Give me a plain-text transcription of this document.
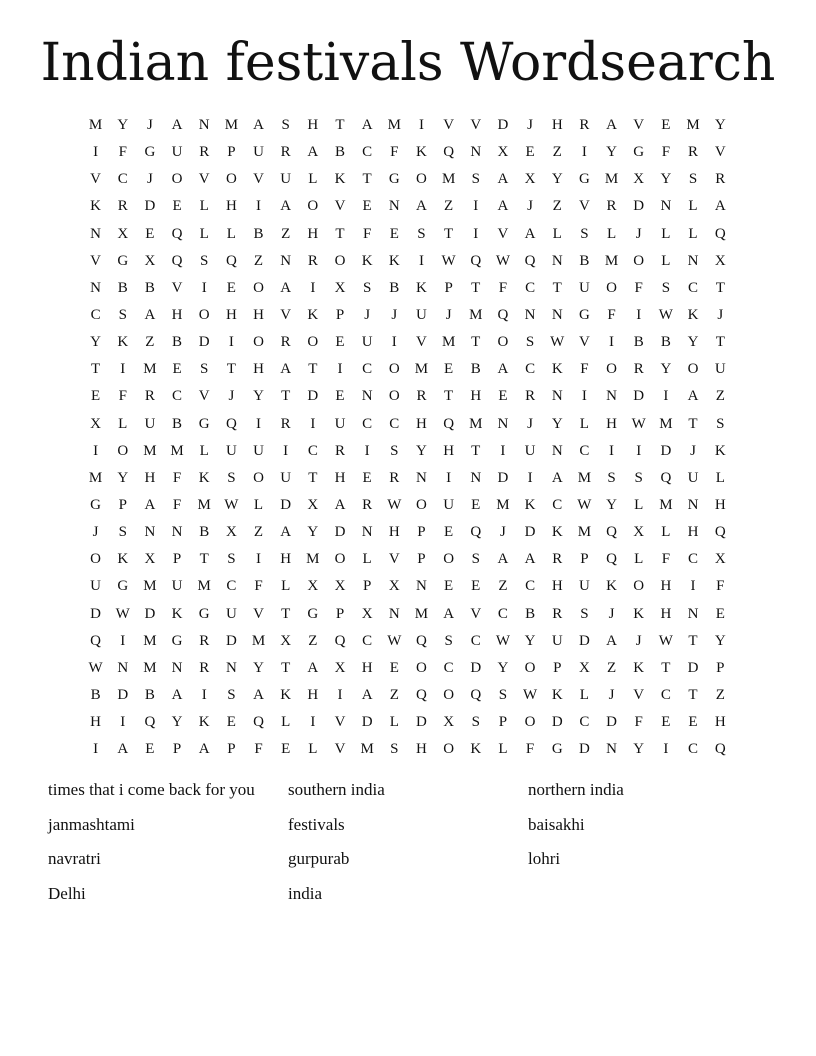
Indian festivals Wordsearch
M	Y	J	A	N	M	A	S	H	T	A	M	I	V	V	D	J	H	R	A	V	E	M	Y
I	F	G	U	R	P	U	R	A	B	C	F	K	Q	N	X	E	Z	I	Y	G	F	R	V
V	C	J	O	V	O	V	U	L	K	T	G	O	M	S	A	X	Y	G	M	X	Y	S	R
K	R	D	E	L	H	I	A	O	V	E	N	A	Z	I	A	J	Z	V	R	D	N	L	A
N	X	E	Q	L	L	B	Z	H	T	F	E	S	T	I	V	A	L	S	L	J	L	L	Q
V	G	X	Q	S	Q	Z	N	R	O	K	K	I	W	Q	W	Q	N	B	M	O	L	N	X
N	B	B	V	I	E	O	A	I	X	S	B	K	P	T	F	C	T	U	O	F	S	C	T
C	S	A	H	O	H	H	V	K	P	J	J	U	J	M	Q	N	N	G	F	I	W	K	J
Y	K	Z	B	D	I	O	R	O	E	U	I	V	M	T	O	S	W	V	I	B	B	Y	T
T	I	M	E	S	T	H	A	T	I	C	O	M	E	B	A	C	K	F	O	R	Y	O	U
E	F	R	C	V	J	Y	T	D	E	N	O	R	T	H	E	R	N	I	N	D	I	A	Z
X	L	U	B	G	Q	I	R	I	U	C	C	H	Q	M	N	J	Y	L	H	W	M	T	S
I	O	M	M	L	U	U	I	C	R	I	S	Y	H	T	I	U	N	C	I	I	D	J	K
M	Y	H	F	K	S	O	U	T	H	E	R	N	I	N	D	I	A	M	S	S	Q	U	L
G	P	A	F	M	W	L	D	X	A	R	W	O	U	E	M	K	C	W	Y	L	M	N	H
J	S	N	N	B	X	Z	A	Y	D	N	H	P	E	Q	J	D	K	M	Q	X	L	H	Q
O	K	X	P	T	S	I	H	M	O	L	V	P	O	S	A	A	R	P	Q	L	F	C	X
U	G	M	U	M	C	F	L	X	X	P	X	N	E	E	Z	C	H	U	K	O	H	I	F
D	W	D	K	G	U	V	T	G	P	X	N	M	A	V	C	B	R	S	J	K	H	N	E
Q	I	M	G	R	D	M	X	Z	Q	C	W	Q	S	C	W	Y	U	D	A	J	W	T	Y
W	N	M	N	R	N	Y	T	A	X	H	E	O	C	D	Y	O	P	X	Z	K	T	D	P
B	D	B	A	I	S	A	K	H	I	A	Z	Q	O	Q	S	W	K	L	J	V	C	T	Z
H	I	Q	Y	K	E	Q	L	I	V	D	L	D	X	S	P	O	D	C	D	F	E	E	H
I	A	E	P	A	P	F	E	L	V	M	S	H	O	K	L	F	G	D	N	Y	I	C	Q
times that i come back for you	southern india	northern india
janmashtami	festivals	baisakhi
navratri	gurpurab	lohri
Delhi	india
